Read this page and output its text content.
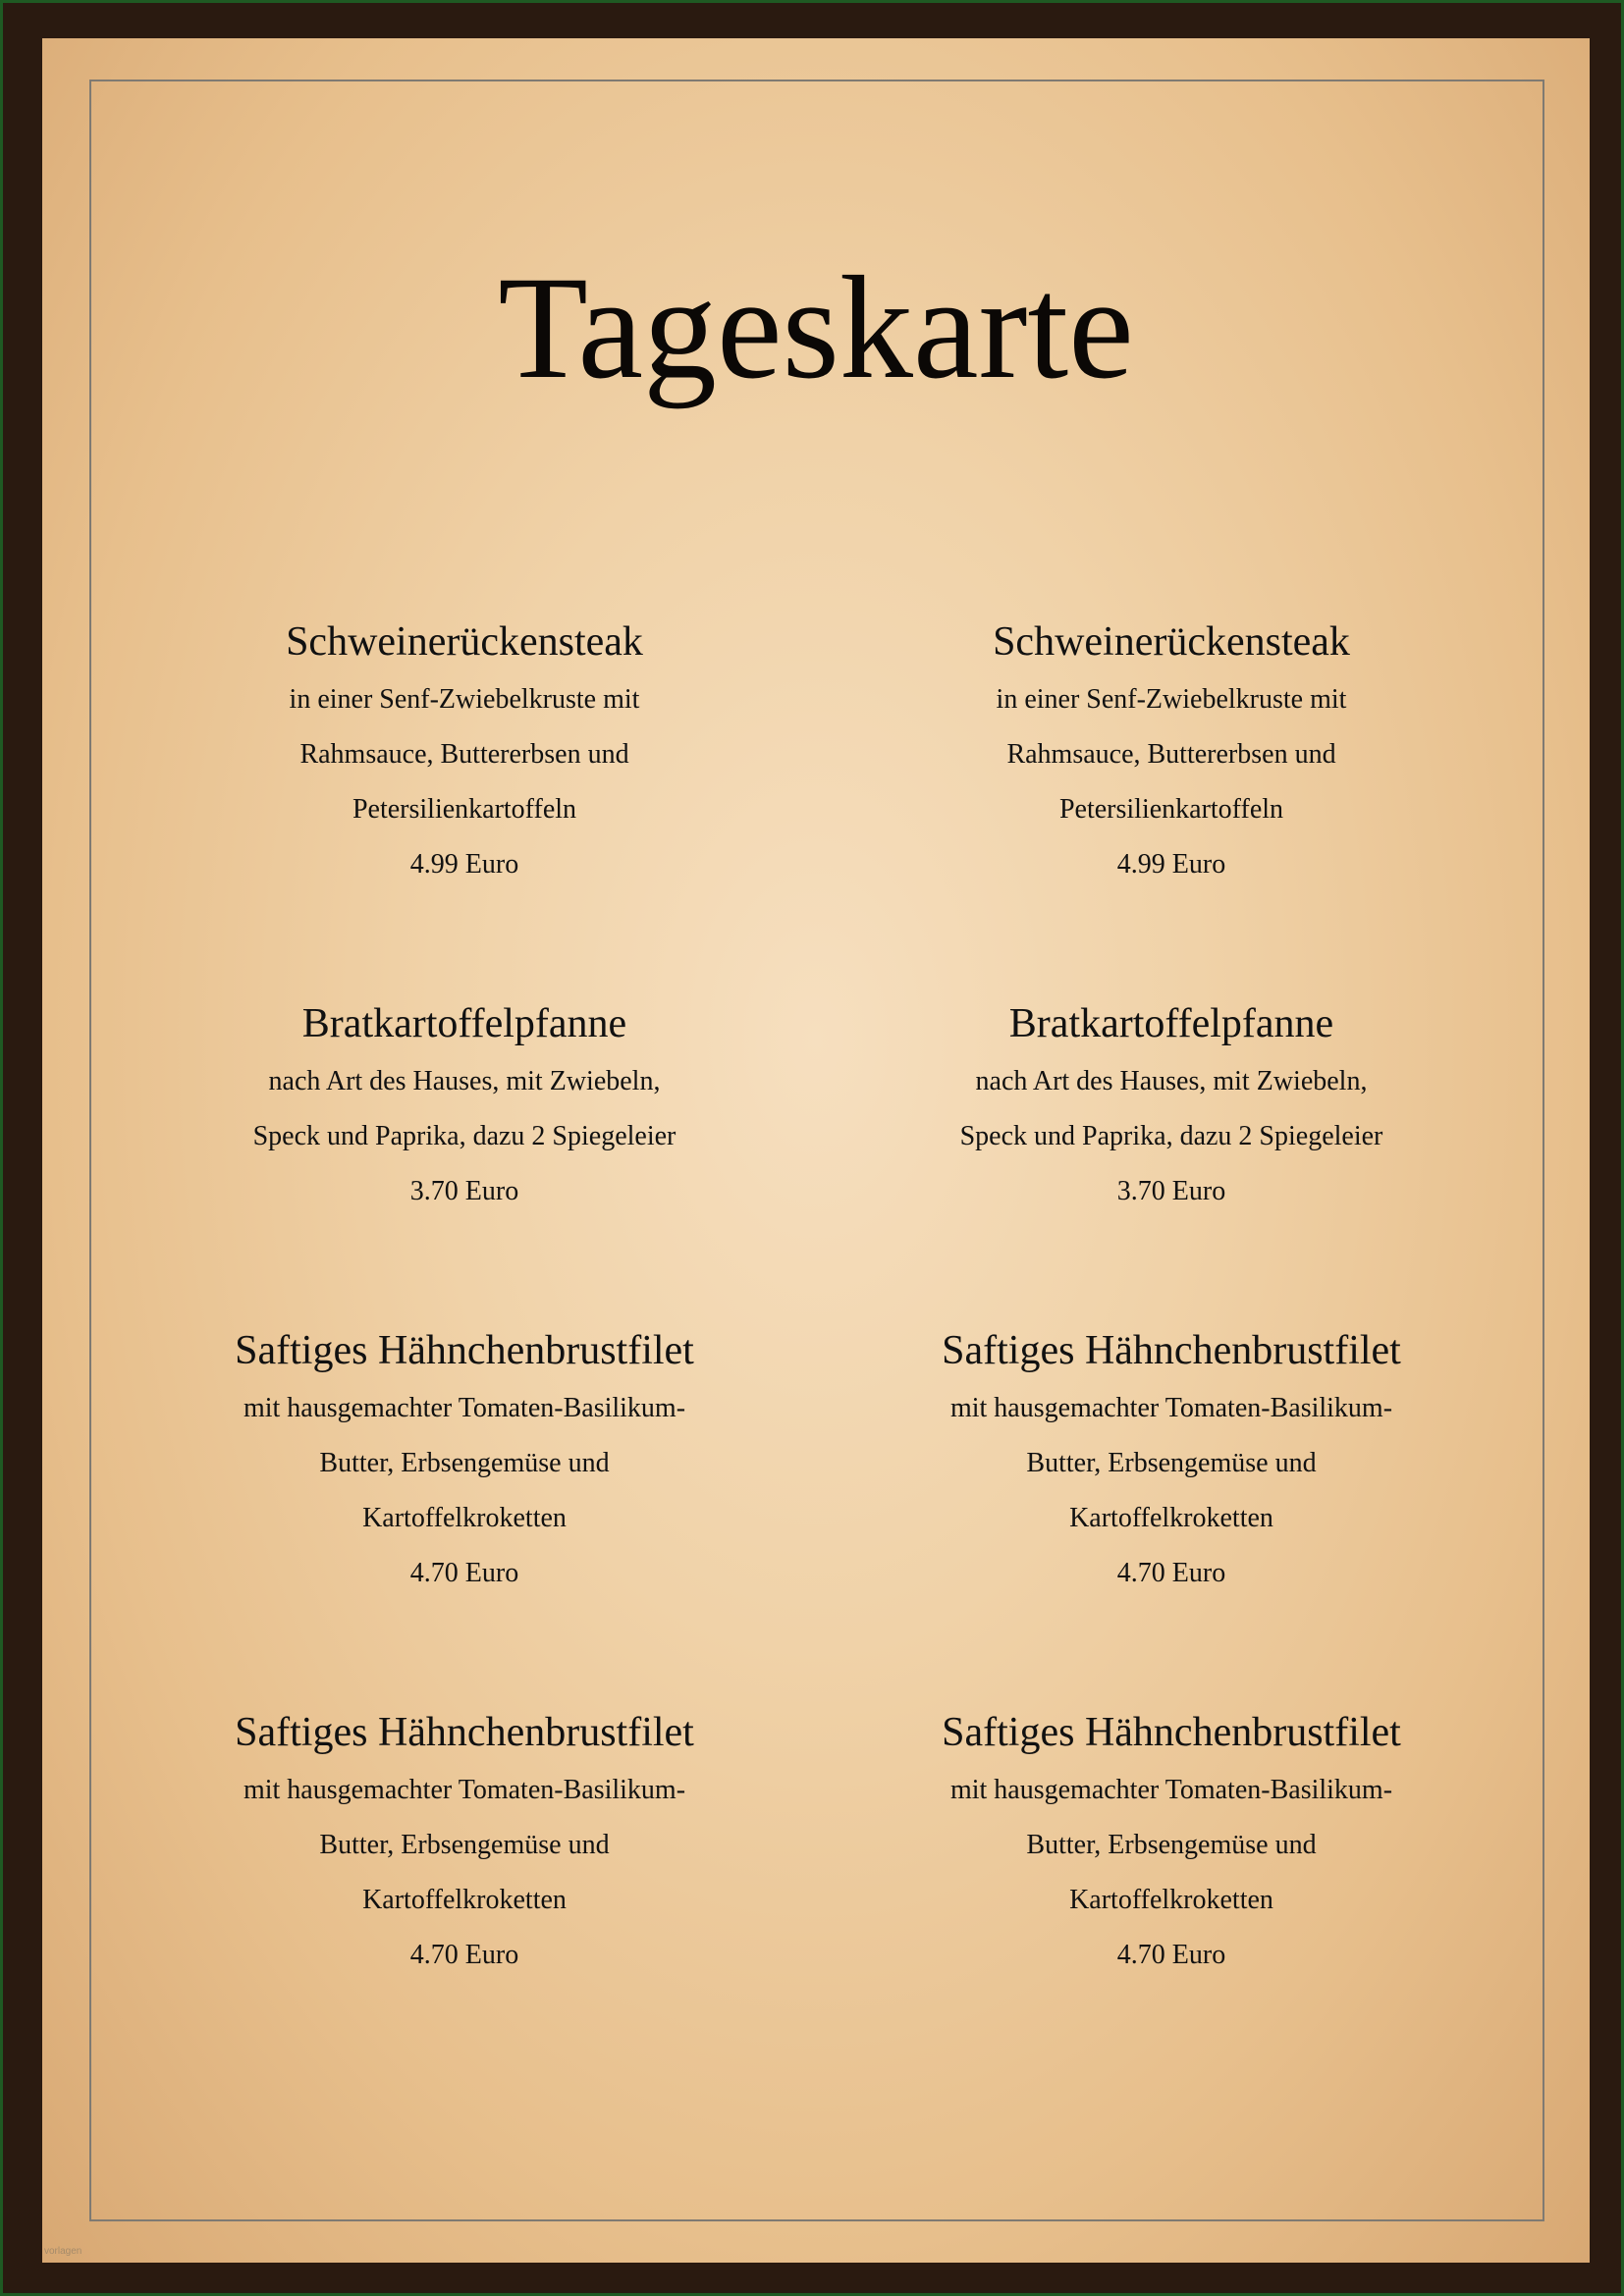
Tageskarte
Schweinerückensteak

in einer Senf-Zwiebelkruste mit

Rahmsauce, Buttererbsen und

Petersilienkartoffeln

4.99 Euro

Schweinerückensteak

in einer Senf-Zwiebelkruste mit

Rahmsauce, Buttererbsen und

Petersilienkartoffeln

4.99 Euro

Bratkartoffelpfanne

nach Art des Hauses, mit Zwiebeln,

Speck und Paprika, dazu 2 Spiegeleier

3.70 Euro

Bratkartoffelpfanne

nach Art des Hauses, mit Zwiebeln,

Speck und Paprika, dazu 2 Spiegeleier

3.70 Euro

Saftiges Hähnchenbrustfilet

mit hausgemachter Tomaten-Basilikum-

Butter, Erbsengemüse und

Kartoffelkroketten

4.70 Euro

Saftiges Hähnchenbrustfilet

mit hausgemachter Tomaten-Basilikum-

Butter, Erbsengemüse und

Kartoffelkroketten

4.70 Euro

Saftiges Hähnchenbrustfilet

mit hausgemachter Tomaten-Basilikum-

Butter, Erbsengemüse und

Kartoffelkroketten

4.70 Euro

Saftiges Hähnchenbrustfilet

mit hausgemachter Tomaten-Basilikum-

Butter, Erbsengemüse und

Kartoffelkroketten

4.70 Euro

vorlagen
